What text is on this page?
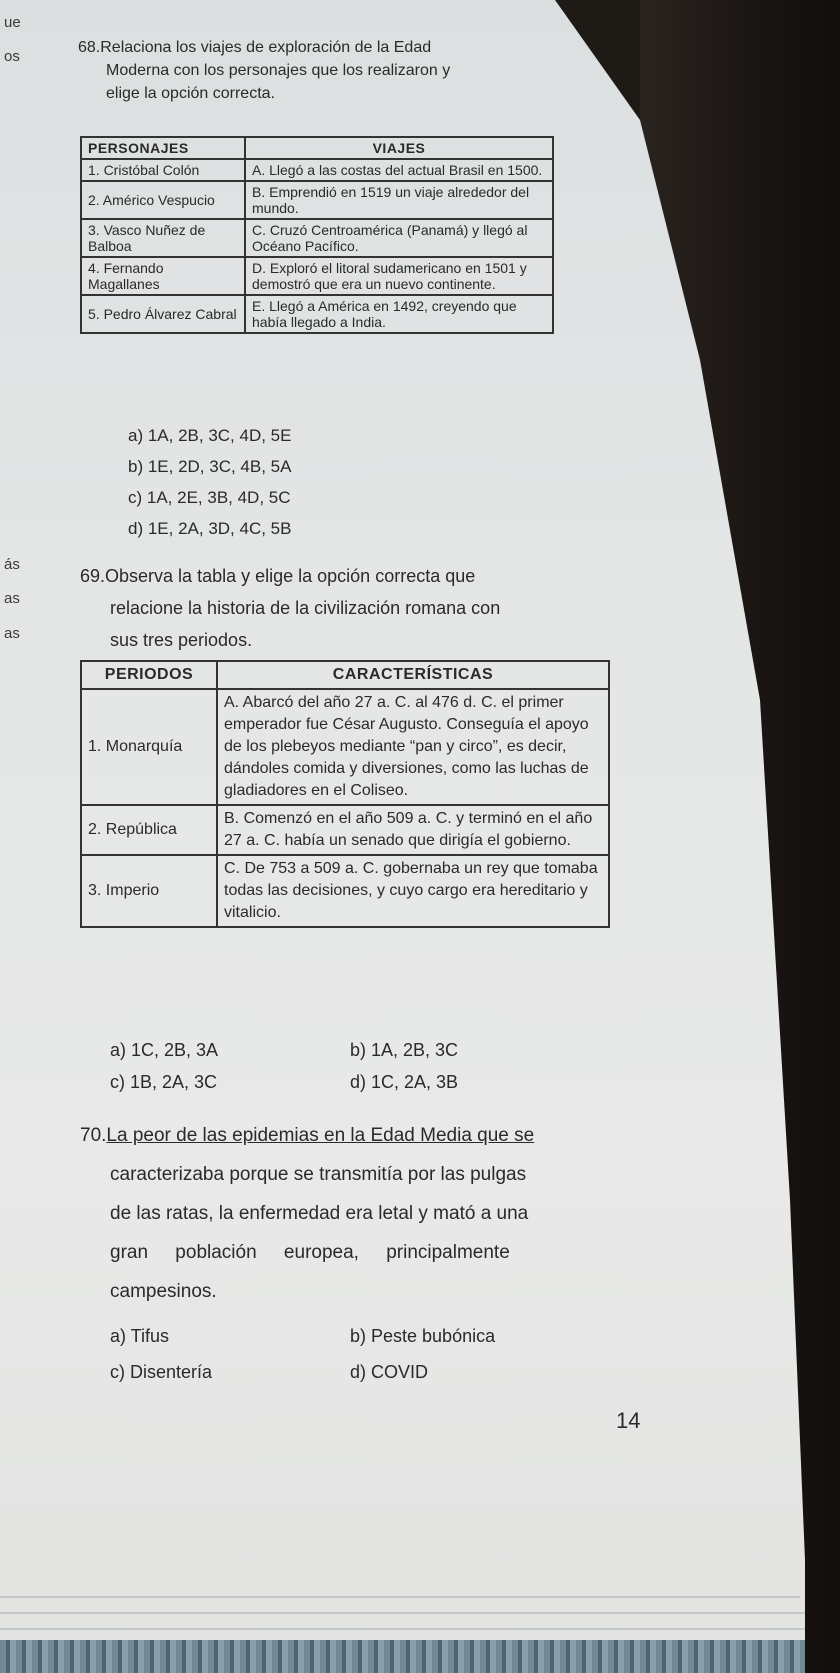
ue
os
ás
as
as
68.Relaciona los viajes de exploración de la Edad
Moderna con los personajes que los realizaron y
elige la opción correcta.
PERSONAJES	VIAJES
1. Cristóbal Colón	A. Llegó a las costas del actual Brasil en 1500.
2. Américo Vespucio	B. Emprendió en 1519 un viaje alrededor del mundo.
3. Vasco Nuñez de Balboa	C. Cruzó Centroamérica (Panamá) y llegó al Océano Pacífico.
4. Fernando Magallanes	D. Exploró el litoral sudamericano en 1501 y demostró que era un nuevo continente.
5. Pedro Álvarez Cabral	E. Llegó a América en 1492, creyendo que había llegado a India.
a) 1A, 2B, 3C, 4D, 5E
b) 1E, 2D, 3C, 4B, 5A
c) 1A, 2E, 3B, 4D, 5C
d) 1E, 2A, 3D, 4C, 5B
69.Observa la tabla y elige la opción correcta que
relacione la historia de la civilización romana con
sus tres periodos.
PERIODOS	CARACTERÍSTICAS
1. Monarquía	A. Abarcó del año 27 a. C. al 476 d. C. el primer emperador fue César Augusto. Conseguía el apoyo de los plebeyos mediante “pan y circo”, es decir, dándoles comida y diversiones, como las luchas de gladiadores en el Coliseo.
2. República	B. Comenzó en el año 509 a. C. y terminó en el año 27 a. C. había un senado que dirigía el gobierno.
3. Imperio	C. De 753 a 509 a. C. gobernaba un rey que tomaba todas las decisiones, y cuyo cargo era hereditario y vitalicio.
a) 1C, 2B, 3A	b) 1A, 2B, 3C
c) 1B, 2A, 3C	d) 1C, 2A, 3B
70.La peor de las epidemias en la Edad Media que se
caracterizaba porque se transmitía por las pulgas
de las ratas, la enfermedad era letal y mató a una
gran población europea, principalmente
campesinos.
a) Tifus	b) Peste bubónica
c) Disentería	d) COVID
14
